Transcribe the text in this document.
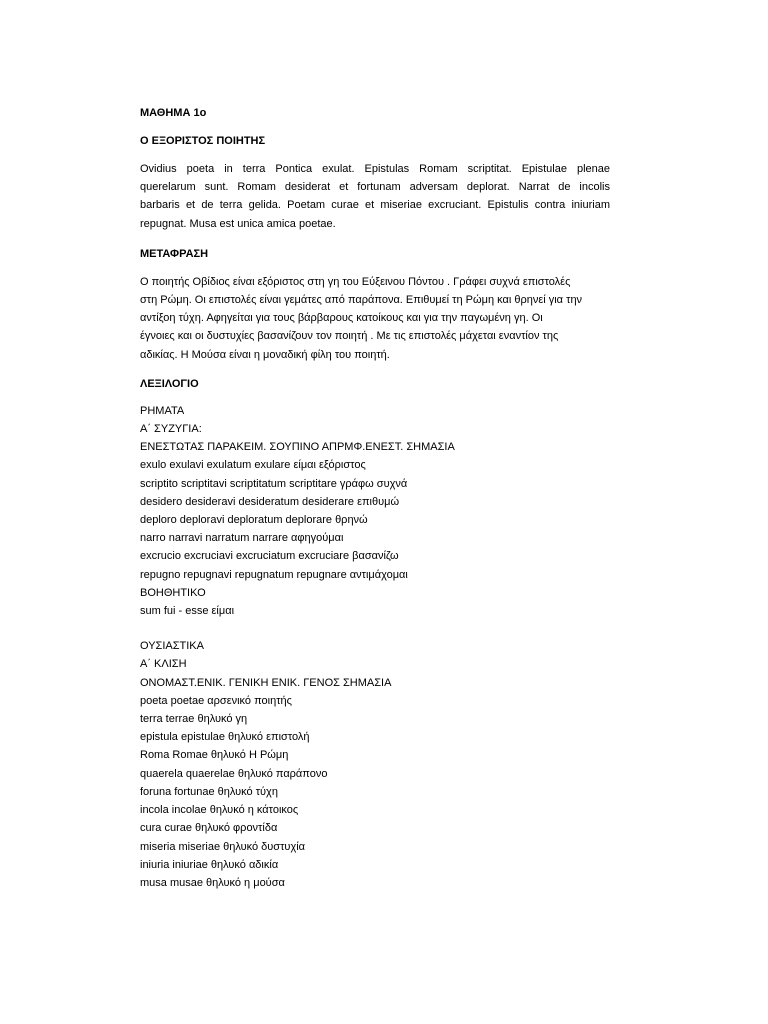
ΜΑΘΗΜΑ 1ο

Ο ΕΞΟΡΙΣΤΟΣ ΠΟΙΗΤΗΣ

Ovidius poeta in terra Pontica exulat. Epistulas Romam scriptitat. Epistulae plenae
querelarum sunt. Romam desiderat et fortunam adversam deplorat. Narrat de incolis
barbaris et de terra gelida. Poetam curae et miseriae excruciant. Epistulis contra iniuriam
repugnat. Musa est unica amica poetae.

ΜΕΤΑΦΡΑΣΗ

Ο ποιητής Οβίδιος είναι εξόριστος στη γη του Εύξεινου Πόντου . Γράφει συχνά επιστολές
στη Ρώμη. Οι επιστολές είναι γεμάτες από παράπονα. Επιθυμεί τη Ρώμη και θρηνεί για την
αντίξοη τύχη. Αφηγείται για τους βάρβαρους κατοίκους και για την παγωμένη γη. Οι
έγνοιες και οι δυστυχίες βασανίζουν τον ποιητή . Με τις επιστολές μάχεται εναντίον της
αδικίας. Η Μούσα είναι η μοναδική φίλη του ποιητή.

ΛΕΞΙΛΟΓΙΟ

ΡΗΜΑΤΑ
Α΄ ΣΥΖΥΓΙΑ:
ΕΝΕΣΤΩΤΑΣ ΠΑΡΑΚΕΙΜ. ΣΟΥΠΙΝΟ ΑΠΡΜΦ.ΕΝΕΣΤ. ΣΗΜΑΣΙΑ
exulo exulavi exulatum exulare είμαι εξόριστος
scriptito scriptitavi scriptitatum scriptitare γράφω συχνά
desidero desideravi desideratum desiderare επιθυμώ
deploro deploravi deploratum deplorare θρηνώ
narro narravi narratum narrare αφηγούμαι
excrucio excruciavi excruciatum excruciare βασανίζω
repugno repugnavi repugnatum repugnare αντιμάχομαι
ΒΟΗΘΗΤΙΚΟ
sum fui - esse είμαι
ΟΥΣΙΑΣΤΙΚΑ
Α΄ ΚΛΙΣΗ
ΟΝΟΜΑΣΤ.ΕΝΙΚ. ΓΕΝΙΚΗ ΕΝΙΚ. ΓΕΝΟΣ ΣΗΜΑΣΙΑ
poeta poetae αρσενικό ποιητής
terra terrae θηλυκό γη
epistula epistulae θηλυκό επιστολή
Roma Romae θηλυκό Η Ρώμη
quaerela quaerelae θηλυκό παράπονο
foruna fortunae θηλυκό τύχη
incola incolae θηλυκό η κάτοικος
cura curae θηλυκό φροντίδα
miseria miseriae θηλυκό δυστυχία
iniuria iniuriae θηλυκό αδικία
musa musae θηλυκό η μούσα
